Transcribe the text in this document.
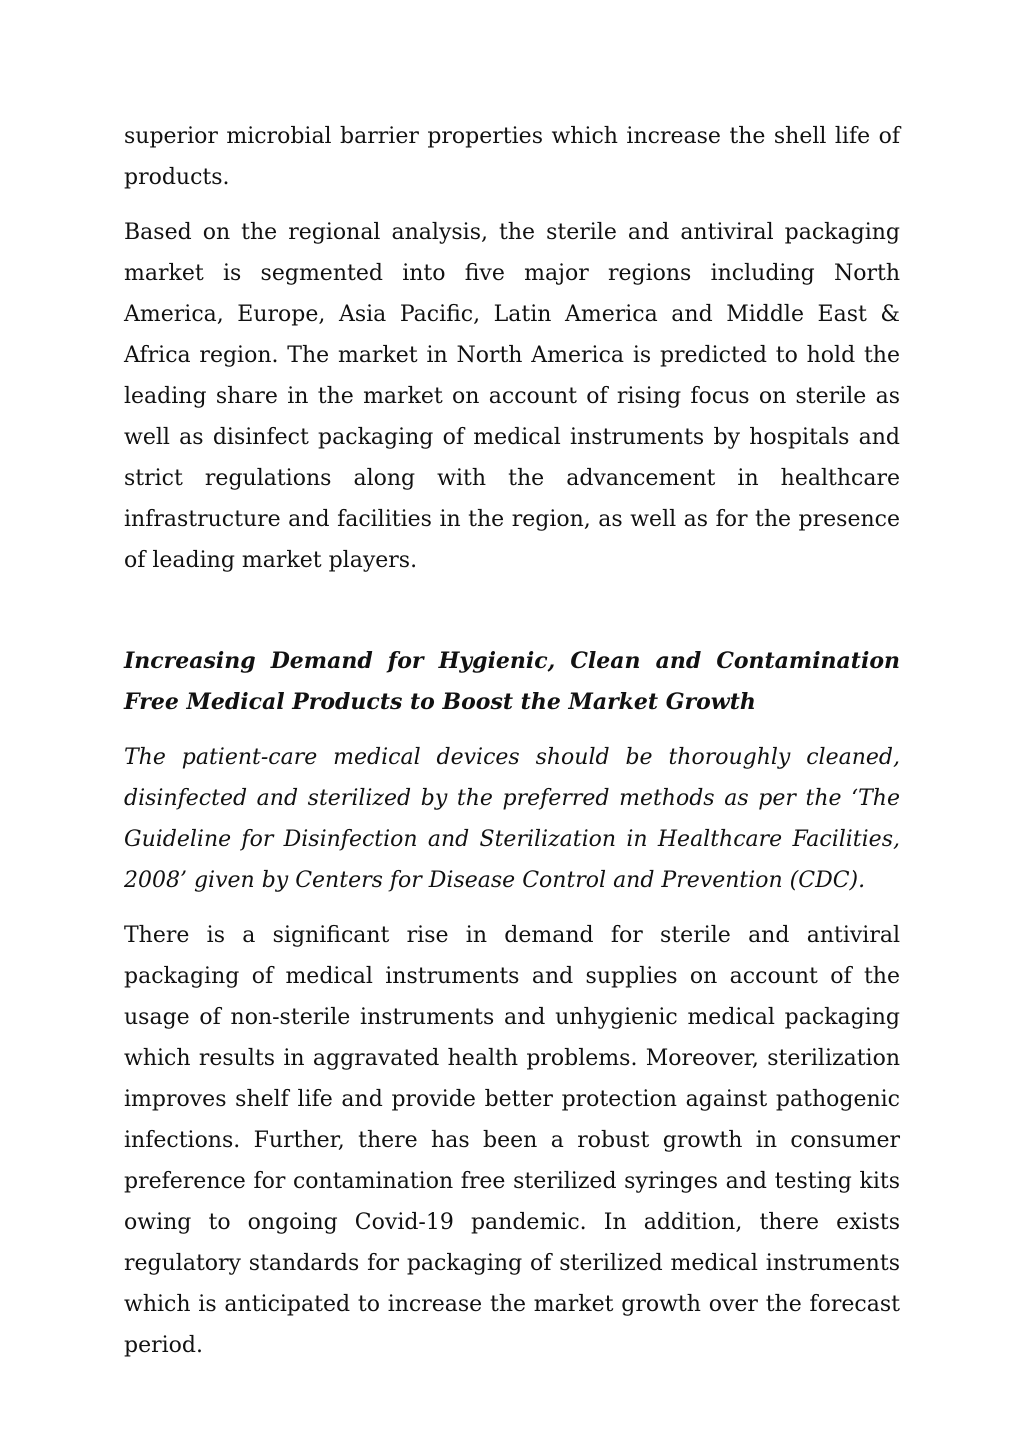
superior microbial barrier properties which increase the shell life of products.

Based on the regional analysis, the sterile and antiviral packaging market is segmented into five major regions including North America, Europe, Asia Pacific, Latin America and Middle East & Africa region. The market in North America is predicted to hold the leading share in the market on account of rising focus on sterile as well as disinfect packaging of medical instruments by hospitals and strict regulations along with the advancement in healthcare infrastructure and facilities in the region, as well as for the presence of leading market players.

Increasing Demand for Hygienic, Clean and Contamination Free Medical Products to Boost the Market Growth

The patient-care medical devices should be thoroughly cleaned, disinfected and sterilized by the preferred methods as per the ‘The Guideline for Disinfection and Sterilization in Healthcare Facilities, 2008’ given by Centers for Disease Control and Prevention (CDC).

There is a significant rise in demand for sterile and antiviral packaging of medical instruments and supplies on account of the usage of non-sterile instruments and unhygienic medical packaging which results in aggravated health problems. Moreover, sterilization improves shelf life and provide better protection against pathogenic infections. Further, there has been a robust growth in consumer preference for contamination free sterilized syringes and testing kits owing to ongoing Covid-19 pandemic. In addition, there exists regulatory standards for packaging of sterilized medical instruments which is anticipated to increase the market growth over the forecast period.
